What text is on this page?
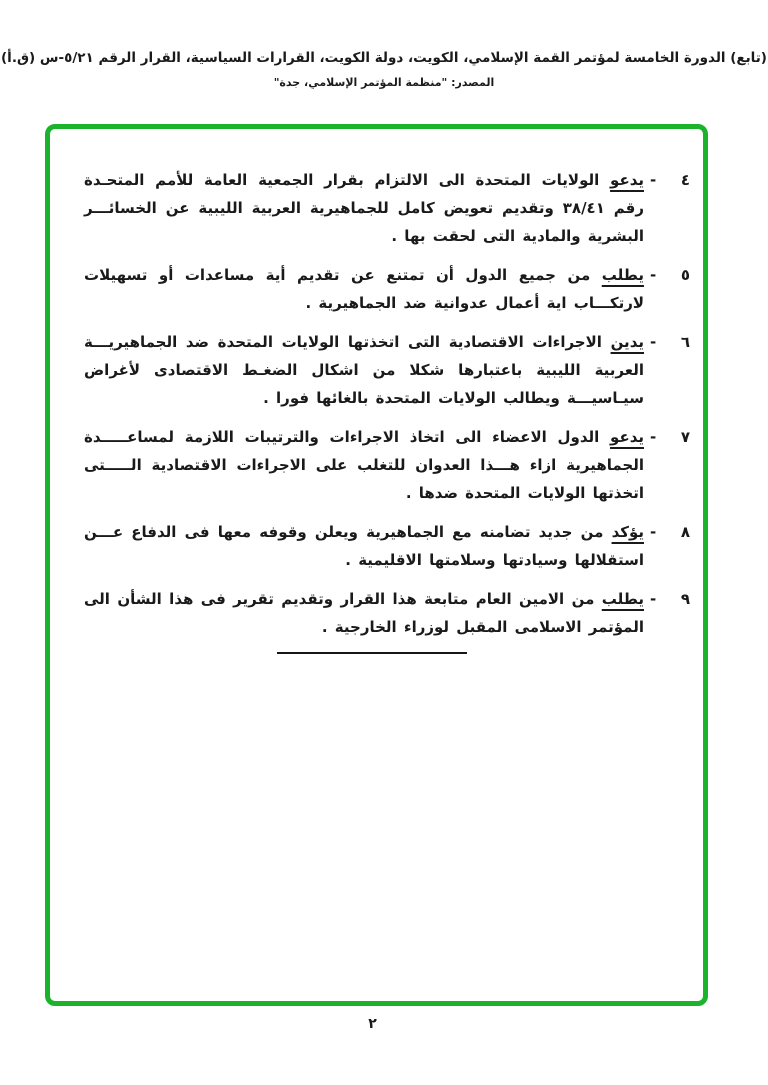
(تابع) الدورة الخامسة لمؤتمر القمة الإسلامي، الكويت، دولة الكويت، القرارات السياسية، القرار الرقم ٥/٢١-س (ق.أ)
المصدر: "منظمة المؤتمر الإسلامي، جدة"
٤
-
يدعو الولايات المتحدة الى الالتزام بقرار الجمعية العامة للأمم المتحـدة رقم ٣٨/٤١ وتقديم تعويض كامل للجماهيرية العربية الليبية عن الخسائـــر البشرية والمادية التى لحقت بها .
٥
-
يطلب من جميع الدول أن تمتنع عن تقديم أية مساعدات أو تسهيلات لارتكـــاب اية أعمال عدوانية ضد الجماهيرية .
٦
-
يدين الاجراءات الاقتصادية التى اتخذتها الولايات المتحدة ضد الجماهيريـــة العربية الليبية باعتبارها شكلا من اشكال الضغـط الاقتصادى لأغراض سيـاسيـــة ويطالب الولايات المتحدة بالغائها فورا .
٧
-
يدعو الدول الاعضاء الى اتخاذ الاجراءات والترتيبات اللازمة لمساعـــــدة الجماهيرية ازاء هـــذا العدوان للتغلب على الاجراءات الاقتصادية الـــــتى اتخذتها الولايات المتحدة ضدها .
٨
-
يؤكد من جديد تضامنه مع الجماهيرية ويعلن وقوفه معها فى الدفاع عـــن استقلالها وسيادتها وسلامتها الاقليمية .
٩
-
يطلب من الامين العام متابعة هذا القرار وتقديم تقرير فى هذا الشأن الى المؤتمر الاسلامى المقبل لوزراء الخارجية .
٢
